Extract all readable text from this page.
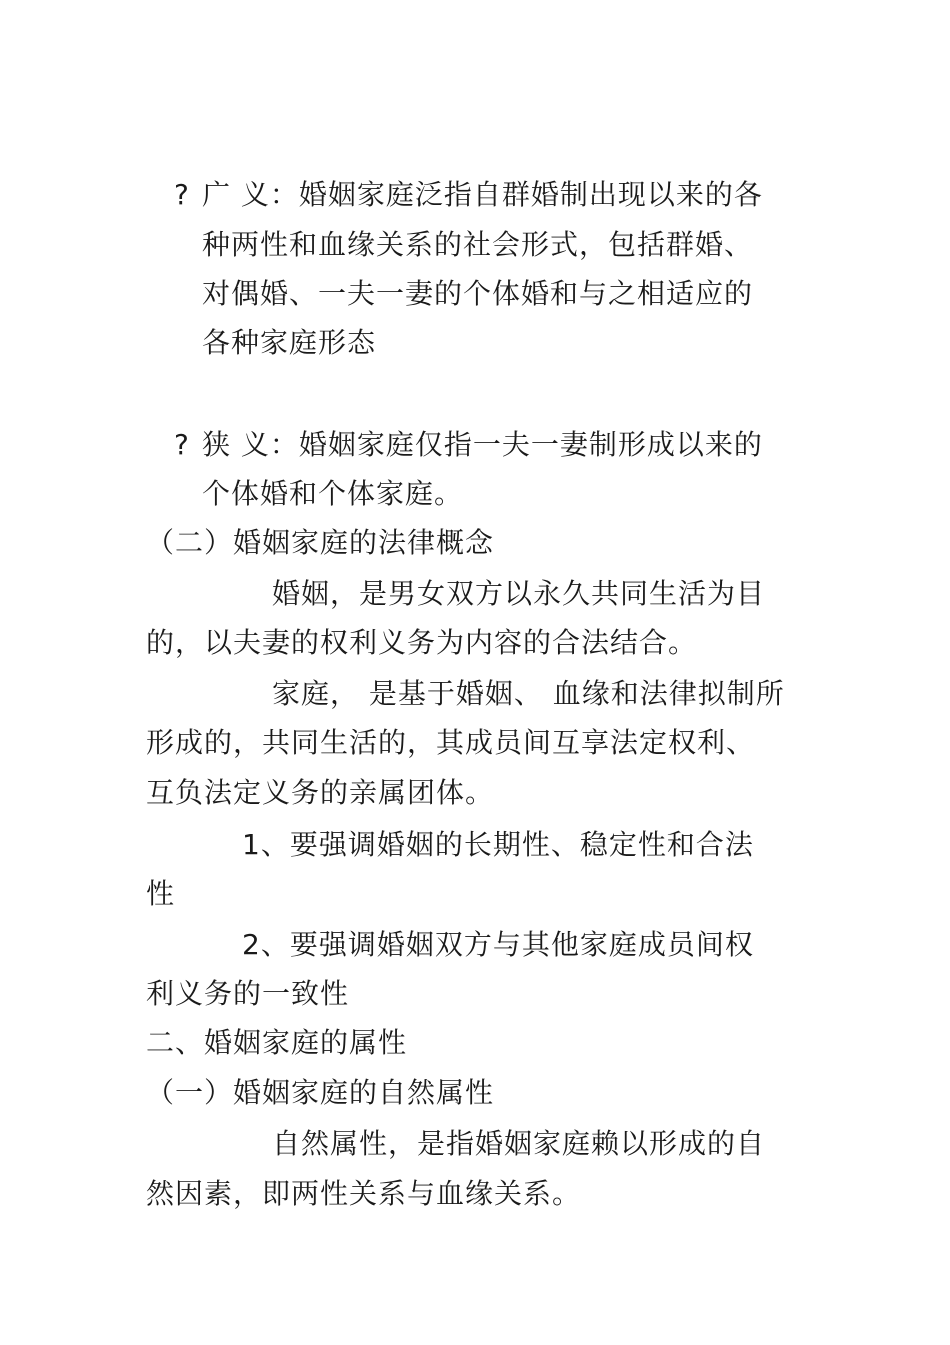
? 广 义：婚姻家庭泛指自群婚制出现以来的各
种两性和血缘关系的社会形式，包括群婚、
对偶婚、一夫一妻的个体婚和与之相适应的
各种家庭形态
? 狭 义：婚姻家庭仅指一夫一妻制形成以来的
个体婚和个体家庭。
（二）婚姻家庭的法律概念
婚姻，是男女双方以永久共同生活为目
的，以夫妻的权利义务为内容的合法结合。
家庭， 是基于婚姻、 血缘和法律拟制所
形成的，共同生活的，其成员间互享法定权利、
互负法定义务的亲属团体。
1、要强调婚姻的长期性、稳定性和合法
性
2、要强调婚姻双方与其他家庭成员间权
利义务的一致性
二、婚姻家庭的属性
（一）婚姻家庭的自然属性
自然属性，是指婚姻家庭赖以形成的自
然因素，即两性关系与血缘关系。
